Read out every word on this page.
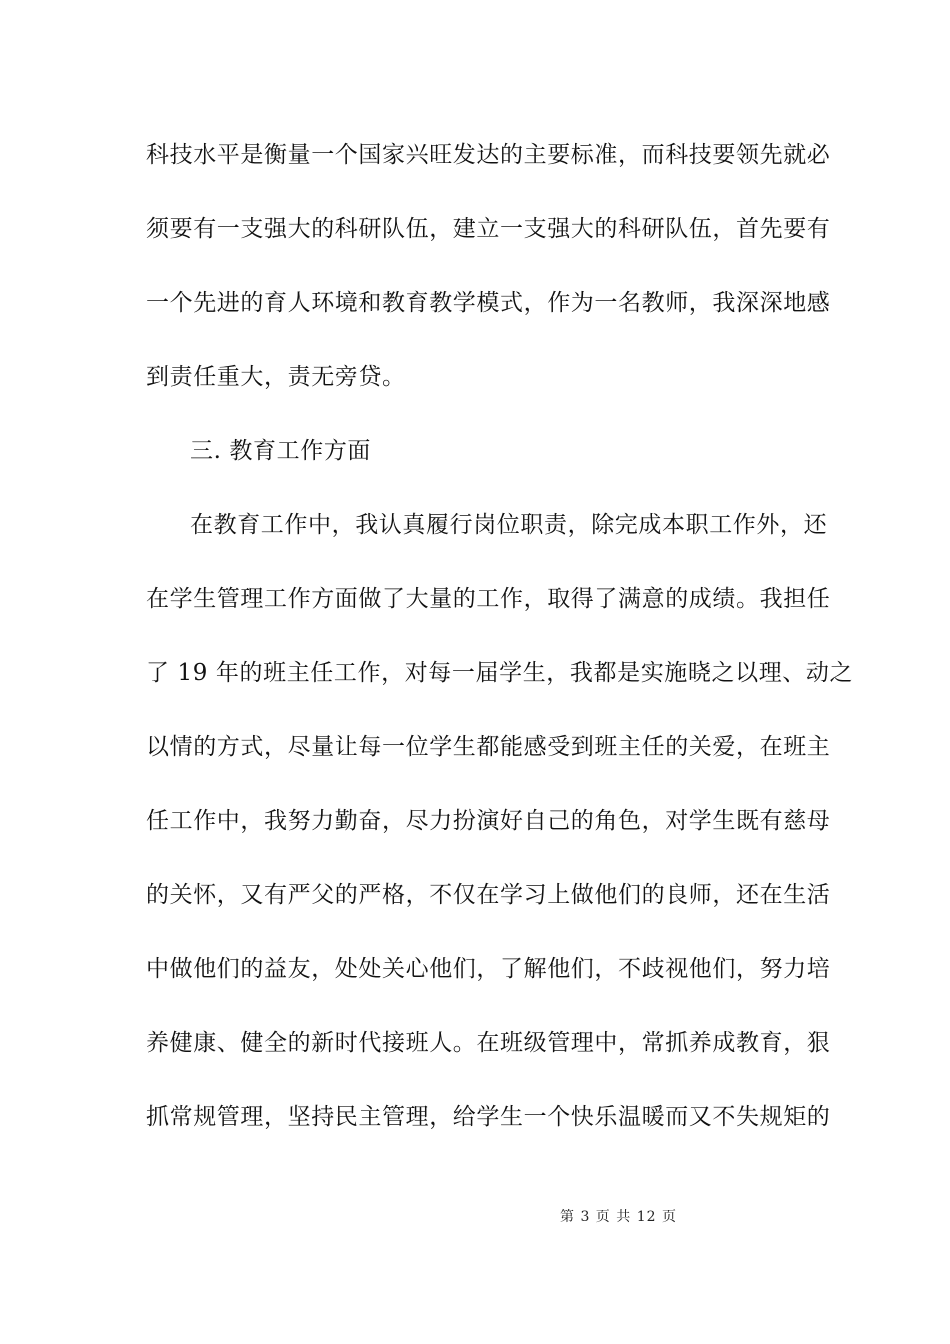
科技水平是衡量一个国家兴旺发达的主要标准，而科技要领先就必
须要有一支强大的科研队伍，建立一支强大的科研队伍，首先要有
一个先进的育人环境和教育教学模式，作为一名教师，我深深地感
到责任重大，责无旁贷。
三. 教育工作方面
在教育工作中，我认真履行岗位职责，除完成本职工作外，还
在学生管理工作方面做了大量的工作，取得了满意的成绩。我担任
了 19 年的班主任工作，对每一届学生，我都是实施晓之以理、动之
以情的方式，尽量让每一位学生都能感受到班主任的关爱，在班主
任工作中，我努力勤奋，尽力扮演好自己的角色，对学生既有慈母
的关怀，又有严父的严格，不仅在学习上做他们的良师，还在生活
中做他们的益友，处处关心他们，了解他们，不歧视他们，努力培
养健康、健全的新时代接班人。在班级管理中，常抓养成教育，狠
抓常规管理，坚持民主管理，给学生一个快乐温暖而又不失规矩的
第 3 页 共 12 页
